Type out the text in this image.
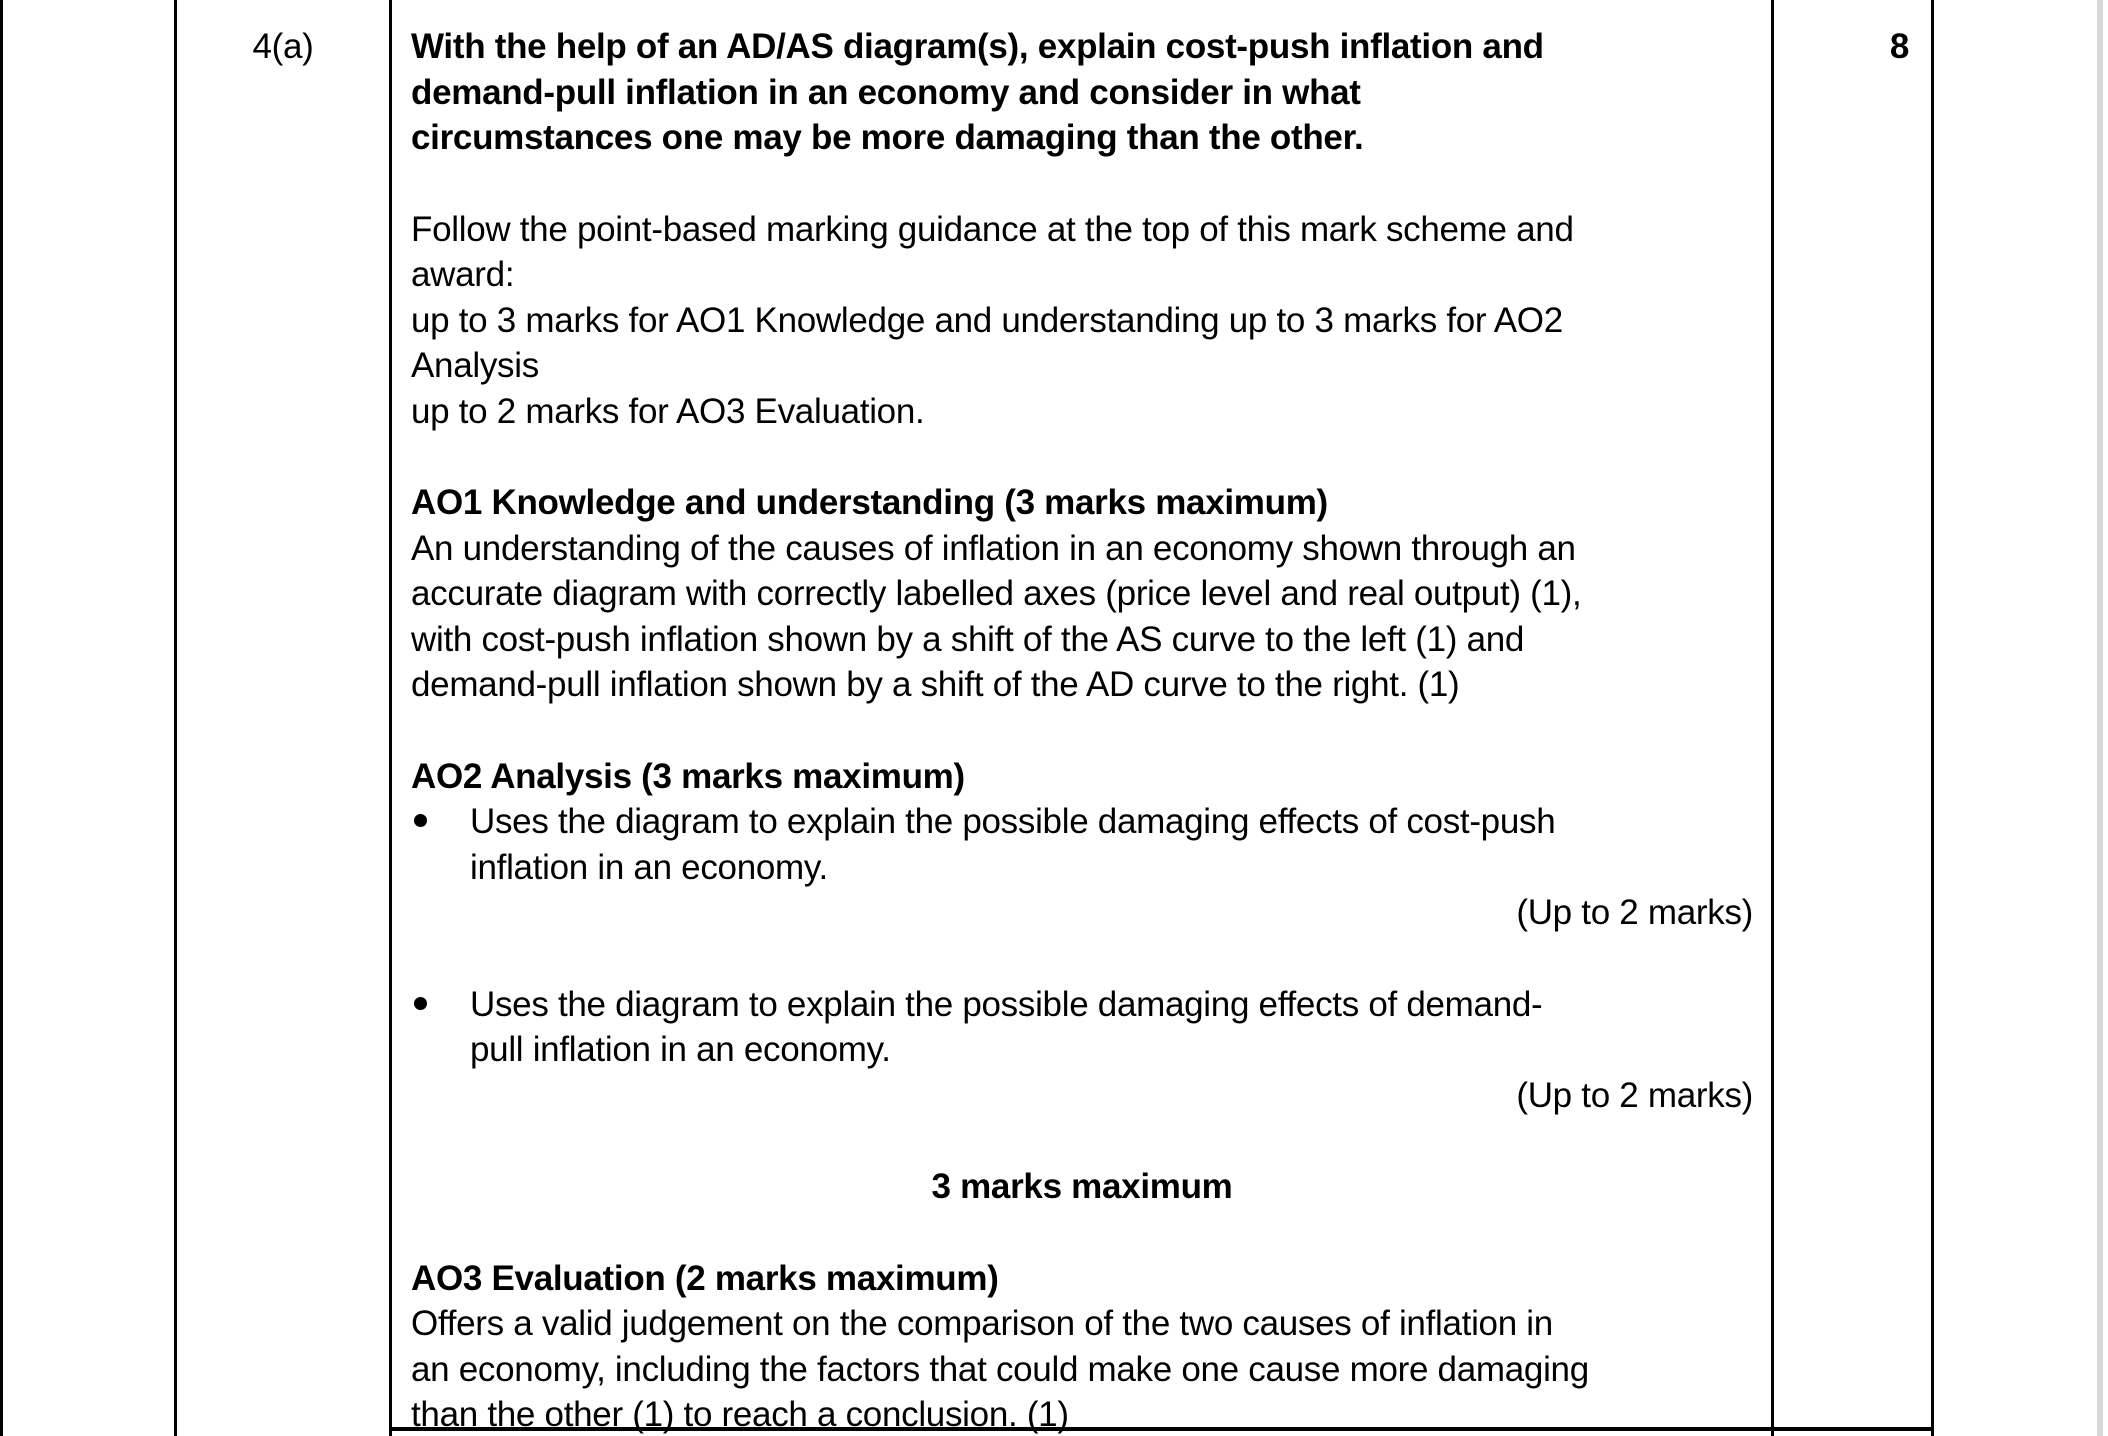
4(a)	8
With the help of an AD/AS diagram(s), explain cost-push inflation and
demand-pull inflation in an economy and consider in what
circumstances one may be more damaging than the other.
Follow the point-based marking guidance at the top of this mark scheme and
award:
up to 3 marks for AO1 Knowledge and understanding up to 3 marks for AO2
Analysis
up to 2 marks for AO3 Evaluation.
AO1 Knowledge and understanding (3 marks maximum)
An understanding of the causes of inflation in an economy shown through an
accurate diagram with correctly labelled axes (price level and real output) (1),
with cost-push inflation shown by a shift of the AS curve to the left (1) and
demand-pull inflation shown by a shift of the AD curve to the right. (1)
AO2 Analysis (3 marks maximum)
Uses the diagram to explain the possible damaging effects of cost-push
inflation in an economy.
(Up to 2 marks)
Uses the diagram to explain the possible damaging effects of demand-
pull inflation in an economy.
(Up to 2 marks)
3 marks maximum
AO3 Evaluation (2 marks maximum)
Offers a valid judgement on the comparison of the two causes of inflation in
an economy, including the factors that could make one cause more damaging
than the other (1) to reach a conclusion. (1)
